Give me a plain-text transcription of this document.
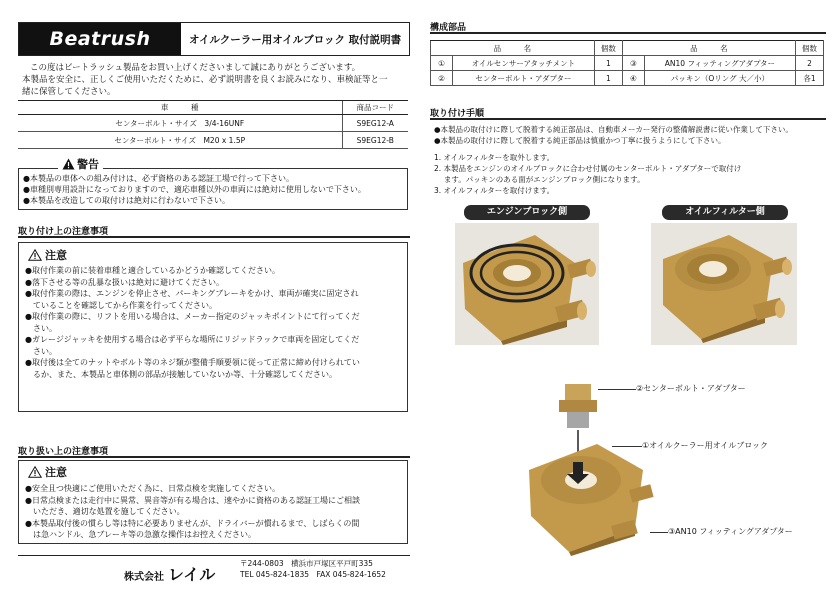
Beatrush	オイルクーラー用オイルブロック 取付説明書
この度はビートラッシュ製品をお買い上げくださいまして誠にありがとうございます。
本製品を安全に、正しくご使用いただくために、必ず説明書を良くお読みになり、車検証等と一
緒に保管してください。
車　　　種	商品コード
センターボルト・サイズ　3/4-16UNF	S9EG12-A
センターボルト・サイズ　M20 x 1.5P	S9EG12-B
●本製品の車体への組み付けは、必ず資格のある認証工場で行って下さい。
●車種別専用設計になっておりますので、適応車種以外の車両には絶対に使用しないで下さい。
●本製品を改造しての取付けは絶対に行わないで下さい。
警告
取り付け上の注意事項

●取付作業の前に装着車種と適合しているかどうか確認してください。

●落下させる等の乱暴な扱いは絶対に避けてください。

●取付作業の際は、エンジンを停止させ、パーキングブレーキをかけ、車両が確実に固定され

　ていることを確認してから作業を行ってください。

●取付作業の際に、リフトを用いる場合は、メーカー指定のジャッキポイントにて行ってくだ

　さい。

●ガレージジャッキを使用する場合は必ず平らな場所にリジッドラックで車両を固定してくだ

　さい。

●取付後は全てのナットやボルト等のネジ類が整備手順要領に従って正常に締め付けられてい

　るか、また、本製品と車体側の部品が接触していないか等、十分確認してください。

注意
取り扱い上の注意事項

●安全且つ快適にご使用いただく為に、日常点検を実施してください。

●日常点検または走行中に異常、異音等が有る場合は、速やかに資格のある認証工場にご相談

　いただき、適切な処置を施してください。

●本製品取付後の慣らし等は特に必要ありませんが、ドライバーが慣れるまで、しばらくの間

　は急ハンドル、急ブレーキ等の急激な操作はお控えください。

注意
株式会社 レイル
〒244-0803　横浜市戸塚区平戸町335
TEL 045-824-1835　FAX 045-824-1652
構成部品
品　　　名		個数	品　　　名		個数
①	オイルセンサーアタッチメント	1	③	AN10 フィッティングアダプター	2
②	センターボルト・アダプター	1	④	パッキン（Oリング 大／小）	各1
取り付け手順

●本製品の取付けに際して脱着する純正部品は、自動車メーカー発行の整備解説書に従い作業して下さい。

●本製品の取付けに際して脱着する純正部品は慎重かつ丁寧に扱うようにして下さい。

1. オイルフィルターを取外します。

2. 本製品をエンジンのオイルブロックに合わせ付属のセンターボルト・アダプターで取付け

　 ます。パッキンのある面がエンジンブロック側になります。

3. オイルフィルターを取付けます。

エンジンブロック側	オイルフィルター側
②センターボルト・アダプター
①オイルクーラー用オイルブロック
③AN10 フィッティングアダプター
